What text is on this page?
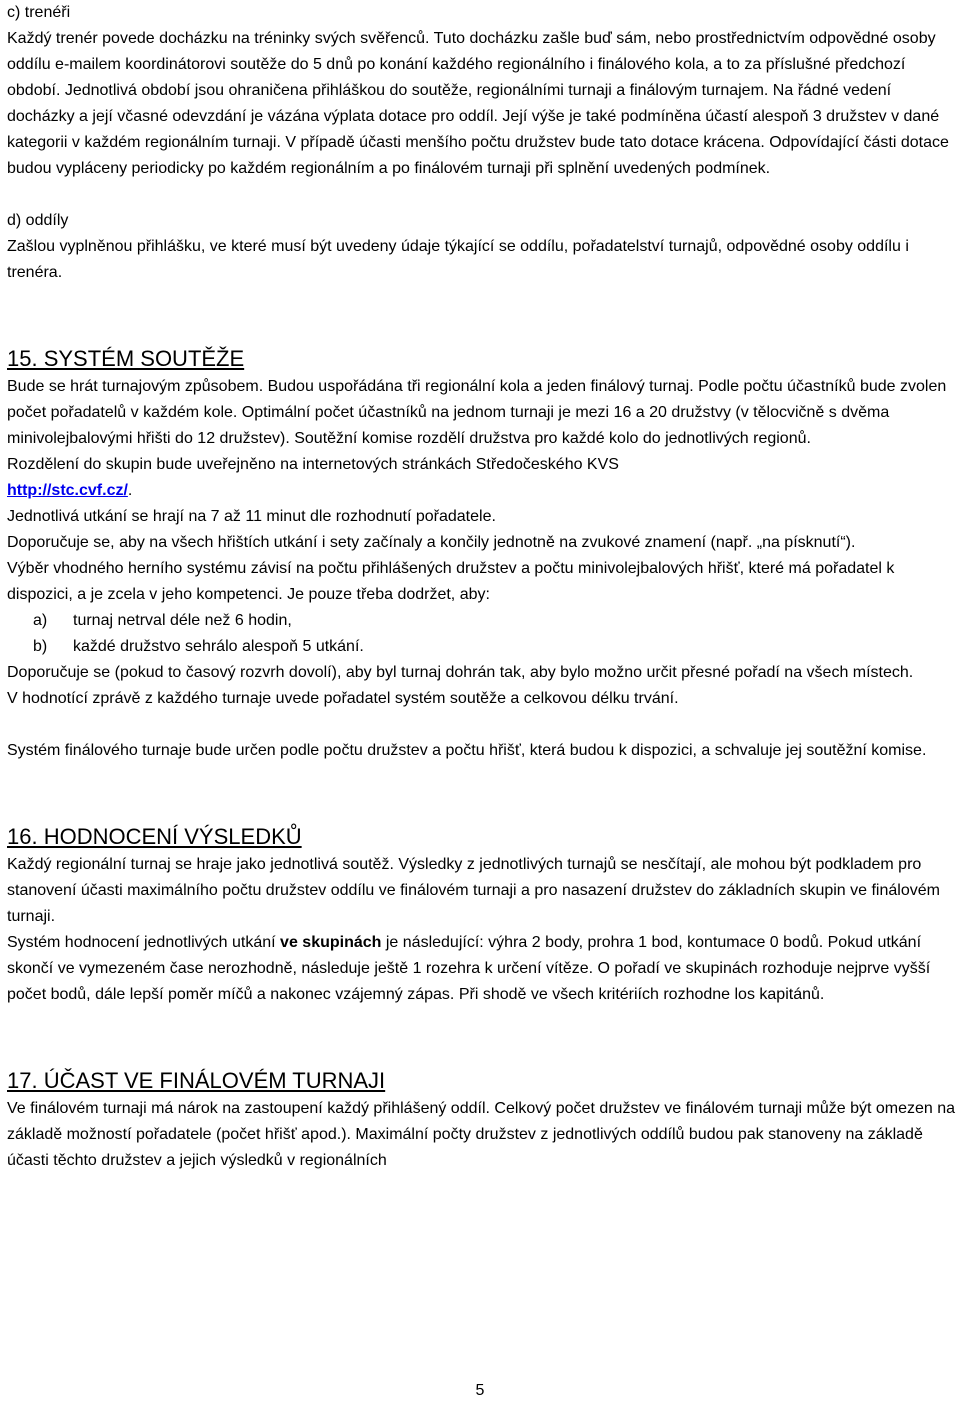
c) trenéři

Každý trenér povede docházku na tréninky svých svěřenců. Tuto docházku zašle buď sám, nebo prostřednictvím odpovědné osoby oddílu e-mailem koordinátorovi soutěže do 5 dnů po konání každého regionálního i finálového kola, a to za příslušné předchozí období. Jednotlivá období jsou ohraničena přihláškou do soutěže, regionálními turnaji a finálovým turnajem. Na řádné vedení docházky a její včasné odevzdání je vázána výplata dotace pro oddíl. Její výše je také podmíněna účastí alespoň 3 družstev v dané kategorii v každém regionálním turnaji. V případě účasti menšího počtu družstev bude tato dotace krácena. Odpovídající části dotace budou vypláceny periodicky po každém regionálním a po finálovém turnaji při splnění uvedených podmínek.

d) oddíly

Zašlou vyplněnou přihlášku, ve které musí být uvedeny údaje týkající se oddílu, pořadatelství turnajů, odpovědné osoby oddílu i trenéra.

15. SYSTÉM SOUTĚŽE

Bude se hrát turnajovým způsobem. Budou uspořádána tři regionální kola a jeden finálový turnaj. Podle počtu účastníků bude zvolen počet pořadatelů v každém kole. Optimální počet účastníků na jednom turnaji je mezi 16 a 20 družstvy (v tělocvičně s dvěma minivolejbalovými hřišti do 12 družstev). Soutěžní komise rozdělí družstva pro každé kolo do jednotlivých regionů.

Rozdělení do skupin bude uveřejněno na internetových stránkách Středočeského KVS
http://stc.cvf.cz/.

Jednotlivá utkání se hrají na 7 až 11 minut dle rozhodnutí pořadatele.

Doporučuje se, aby na všech hřištích utkání i sety začínaly a končily jednotně na zvukové znamení (např. „na písknutí“).

Výběr vhodného herního systému závisí na počtu přihlášených družstev a počtu minivolejbalových hřišť, které má pořadatel k dispozici, a je zcela v jeho kompetenci. Je pouze třeba dodržet, aby:

a)	turnaj netrval déle než 6 hodin,
b)	každé družstvo sehrálo alespoň 5 utkání.

Doporučuje se (pokud to časový rozvrh dovolí), aby byl turnaj dohrán tak, aby bylo možno určit přesné pořadí na všech místech.

V hodnotící zprávě z každého turnaje uvede pořadatel systém soutěže a celkovou délku trvání.

Systém finálového turnaje bude určen podle počtu družstev a počtu hřišť, která budou k dispozici, a schvaluje jej soutěžní komise.

16. HODNOCENÍ VÝSLEDKŮ

Každý regionální turnaj se hraje jako jednotlivá soutěž. Výsledky z jednotlivých turnajů se nesčítají, ale mohou být podkladem pro stanovení účasti maximálního počtu družstev oddílu ve finálovém turnaji a pro nasazení družstev do základních skupin ve finálovém turnaji.

Systém hodnocení jednotlivých utkání ve skupinách je následující: výhra 2 body, prohra 1 bod, kontumace 0 bodů. Pokud utkání skončí ve vymezeném čase nerozhodně, následuje ještě 1 rozehra k určení vítěze. O pořadí ve skupinách rozhoduje nejprve vyšší počet bodů, dále lepší poměr míčů a nakonec vzájemný zápas. Při shodě ve všech kritériích rozhodne los kapitánů.

17. ÚČAST VE FINÁLOVÉM TURNAJI

Ve finálovém turnaji má nárok na zastoupení každý přihlášený oddíl. Celkový počet družstev ve finálovém turnaji může být omezen na základě možností pořadatele (počet hřišť apod.). Maximální počty družstev z jednotlivých oddílů budou pak stanoveny na základě účasti těchto družstev a jejich výsledků v regionálních

5
